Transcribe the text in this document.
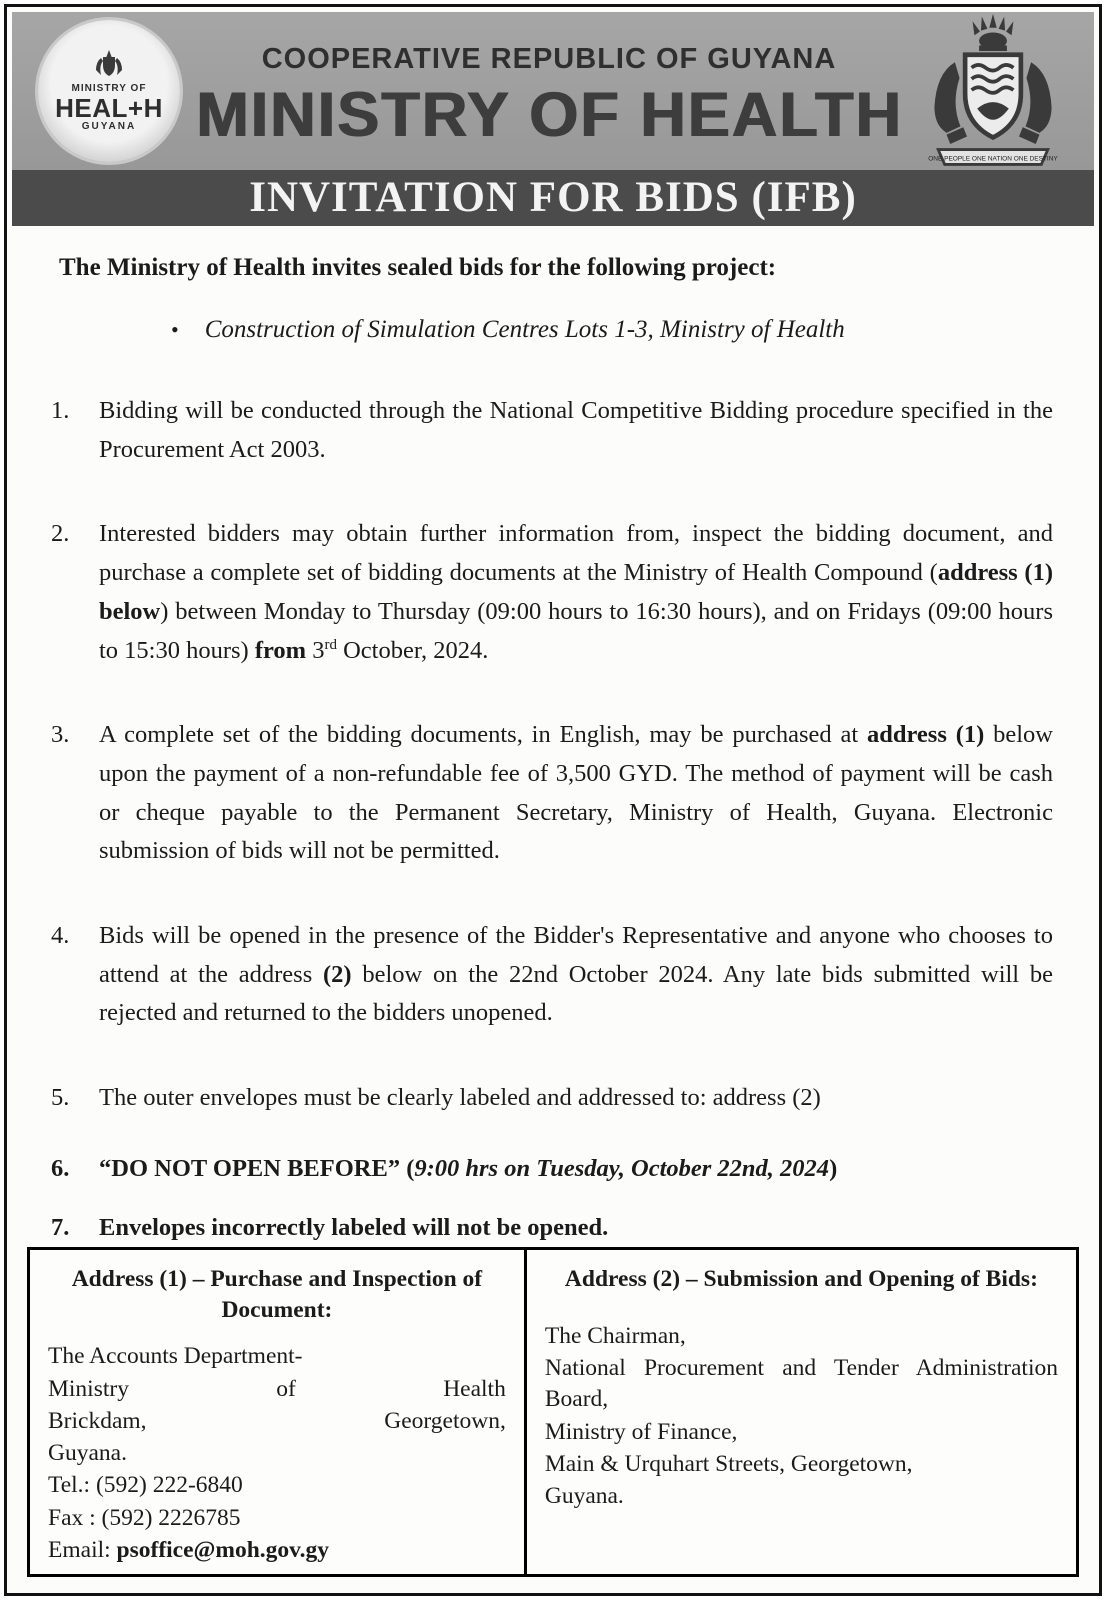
MINISTRY OF
HEAL+H
GUYANA
COOPERATIVE REPUBLIC OF GUYANA
MINISTRY OF HEALTH
ONE PEOPLE ONE NATION ONE DESTINY
INVITATION FOR BIDS (IFB)

The Ministry of Health invites sealed bids for the following project:

• Construction of Simulation Centres Lots 1-3, Ministry of Health
1.	Bidding will be conducted through the National Competitive Bidding procedure specified in the Procurement Act 2003.

2.	Interested bidders may obtain further information from, inspect the bidding document, and purchase a complete set of bidding documents at the Ministry of Health Compound (address (1) below) between Monday to Thursday (09:00 hours to 16:30 hours), and on Fridays (09:00 hours to 15:30 hours) from 3rd October, 2024.

3.	A complete set of the bidding documents, in English, may be purchased at address (1) below upon the payment of a non-refundable fee of 3,500 GYD. The method of payment will be cash or cheque payable to the Permanent Secretary, Ministry of Health, Guyana. Electronic submission of bids will not be permitted.

4.	Bids will be opened in the presence of the Bidder's Representative and anyone who chooses to attend at the address (2) below on the 22nd October 2024. Any late bids submitted will be rejected and returned to the bidders unopened.

5.	The outer envelopes must be clearly labeled and addressed to: address (2)

6.	“DO NOT OPEN BEFORE” (9:00 hrs on Tuesday, October 22nd, 2024)

7.	Envelopes incorrectly labeled will not be opened.

Address (1) – Purchase and Inspection of Document:

The Accounts Department-

Ministry of Health

Brickdam, Georgetown,

Guyana.

Tel.: (592) 222-6840

Fax : (592) 2226785

Email: psoffice@moh.gov.gy

Address (2) – Submission and Opening of Bids:

The Chairman,

National Procurement and Tender Administration Board,

Ministry of Finance,

Main & Urquhart Streets, Georgetown,

Guyana.
